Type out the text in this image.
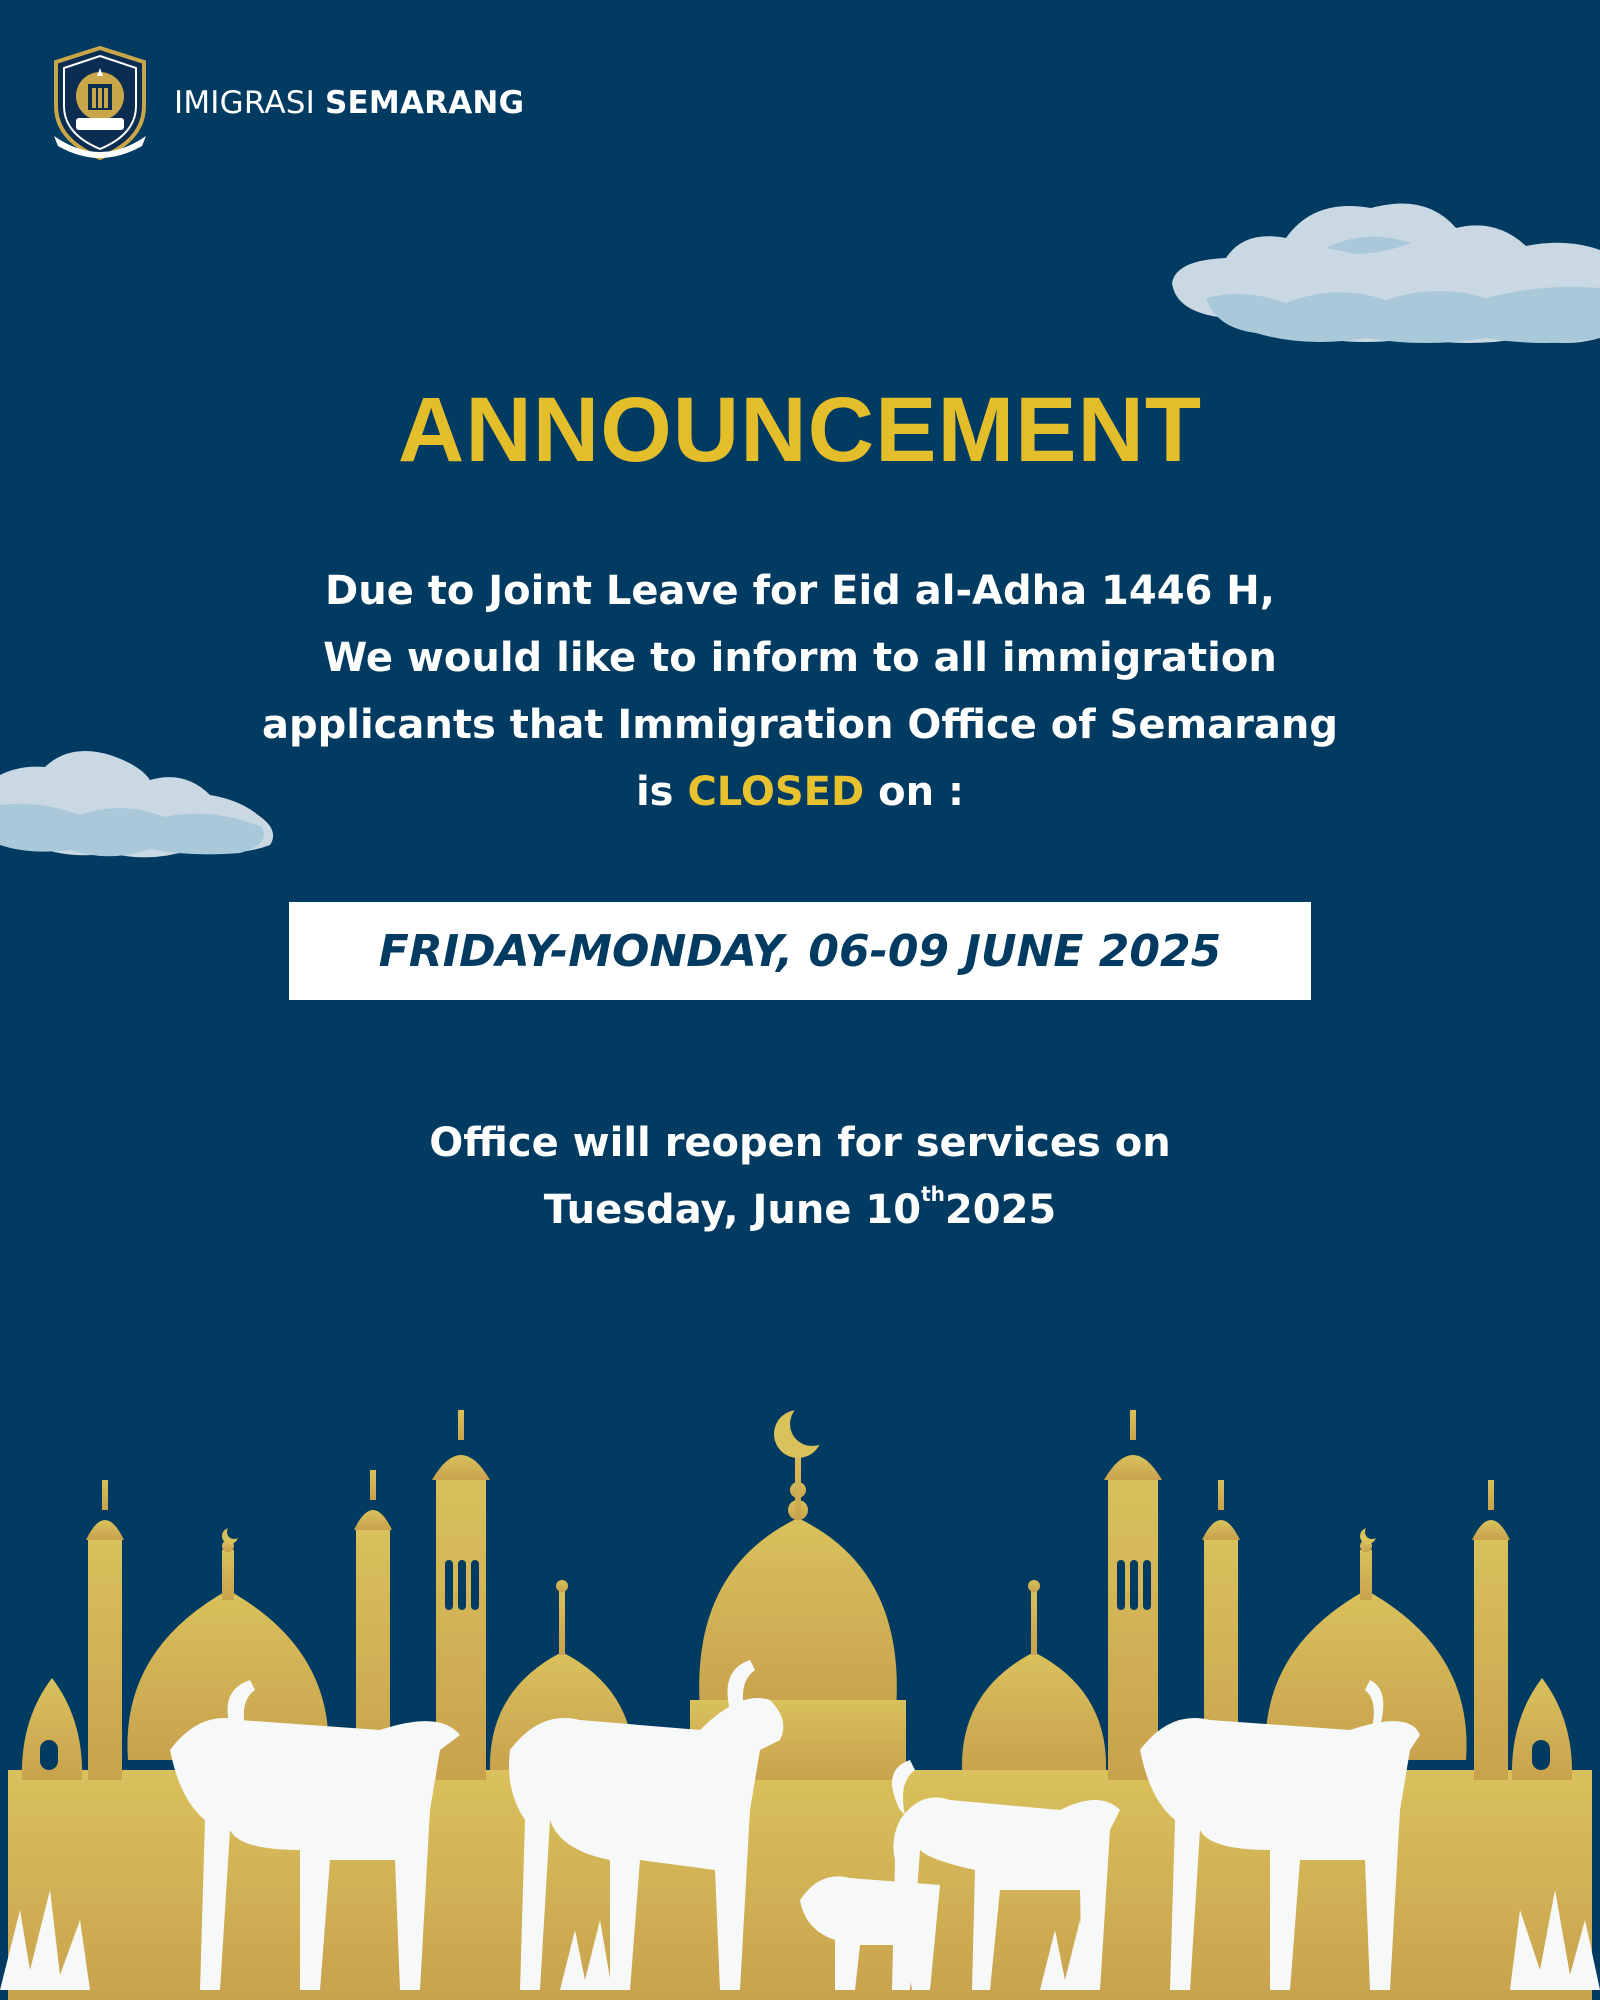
IMIGRASI SEMARANG
ANNOUNCEMENT
Due to Joint Leave for Eid al-Adha 1446 H,
We would like to inform to all immigration
applicants that Immigration Office of Semarang
is CLOSED on :
FRIDAY-MONDAY, 06-09 JUNE 2025
Office will reopen for services on
Tuesday, June 10th2025
